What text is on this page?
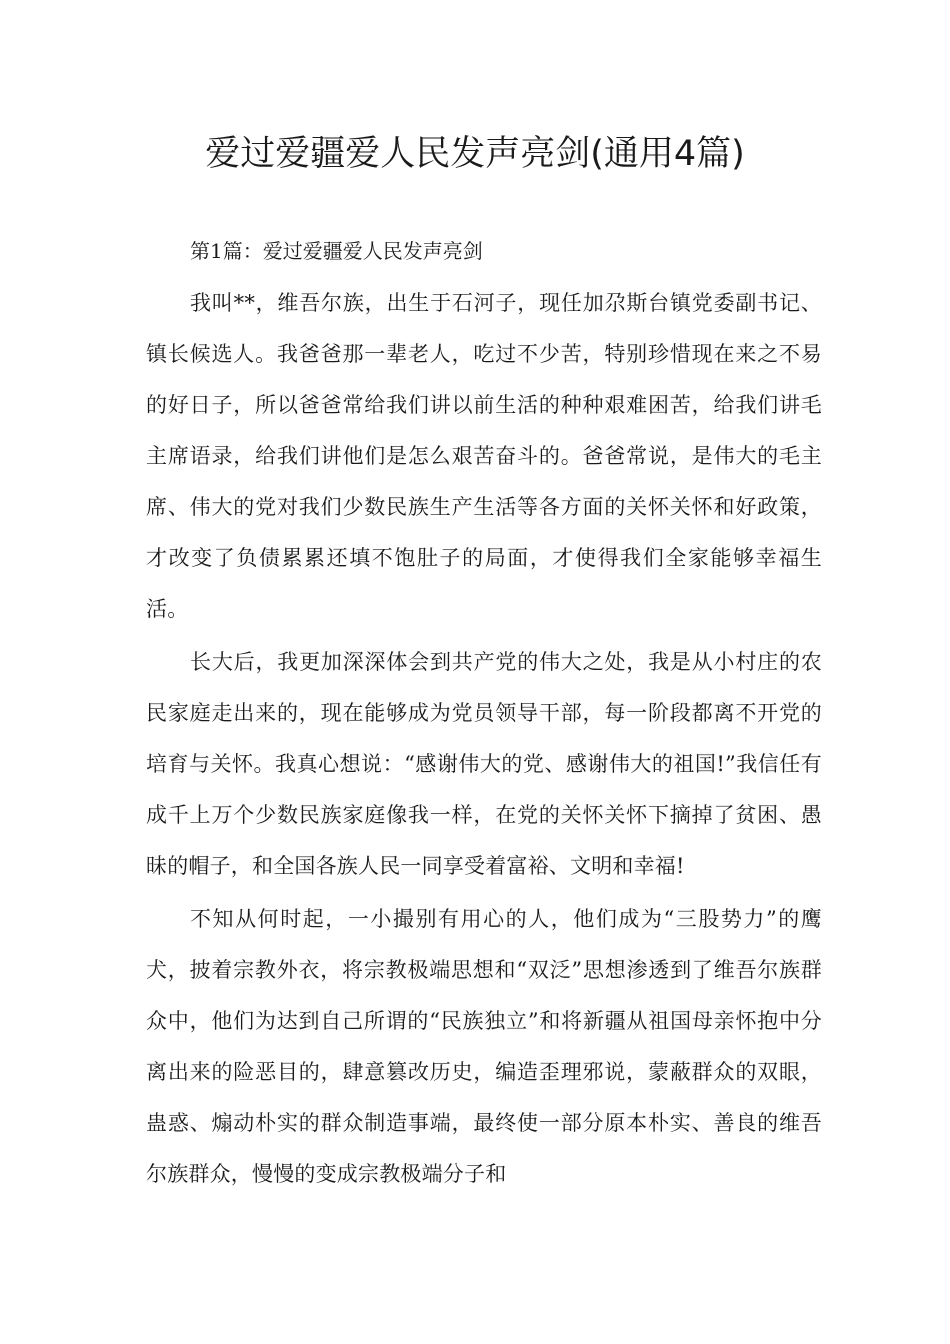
爱过爱疆爱人民发声亮剑(通用4篇)

第1篇：爱过爱疆爱人民发声亮剑

我叫**，维吾尔族，出生于石河子，现任加尕斯台镇党委副书记、镇长候选人。我爸爸那一辈老人，吃过不少苦，特别珍惜现在来之不易的好日子，所以爸爸常给我们讲以前生活的种种艰难困苦，给我们讲毛主席语录，给我们讲他们是怎么艰苦奋斗的。爸爸常说，是伟大的毛主席、伟大的党对我们少数民族生产生活等各方面的关怀关怀和好政策，才改变了负债累累还填不饱肚子的局面，才使得我们全家能够幸福生活。

长大后，我更加深深体会到共产党的伟大之处，我是从小村庄的农民家庭走出来的，现在能够成为党员领导干部，每一阶段都离不开党的培育与关怀。我真心想说：“感谢伟大的党、感谢伟大的祖国!”我信任有成千上万个少数民族家庭像我一样，在党的关怀关怀下摘掉了贫困、愚昧的帽子，和全国各族人民一同享受着富裕、文明和幸福!

不知从何时起，一小撮别有用心的人，他们成为“三股势力”的鹰犬，披着宗教外衣，将宗教极端思想和“双泛”思想渗透到了维吾尔族群众中，他们为达到自己所谓的“民族独立”和将新疆从祖国母亲怀抱中分离出来的险恶目的，肆意篡改历史，编造歪理邪说，蒙蔽群众的双眼，蛊惑、煽动朴实的群众制造事端，最终使一部分原本朴实、善良的维吾尔族群众，慢慢的变成宗教极端分子和
